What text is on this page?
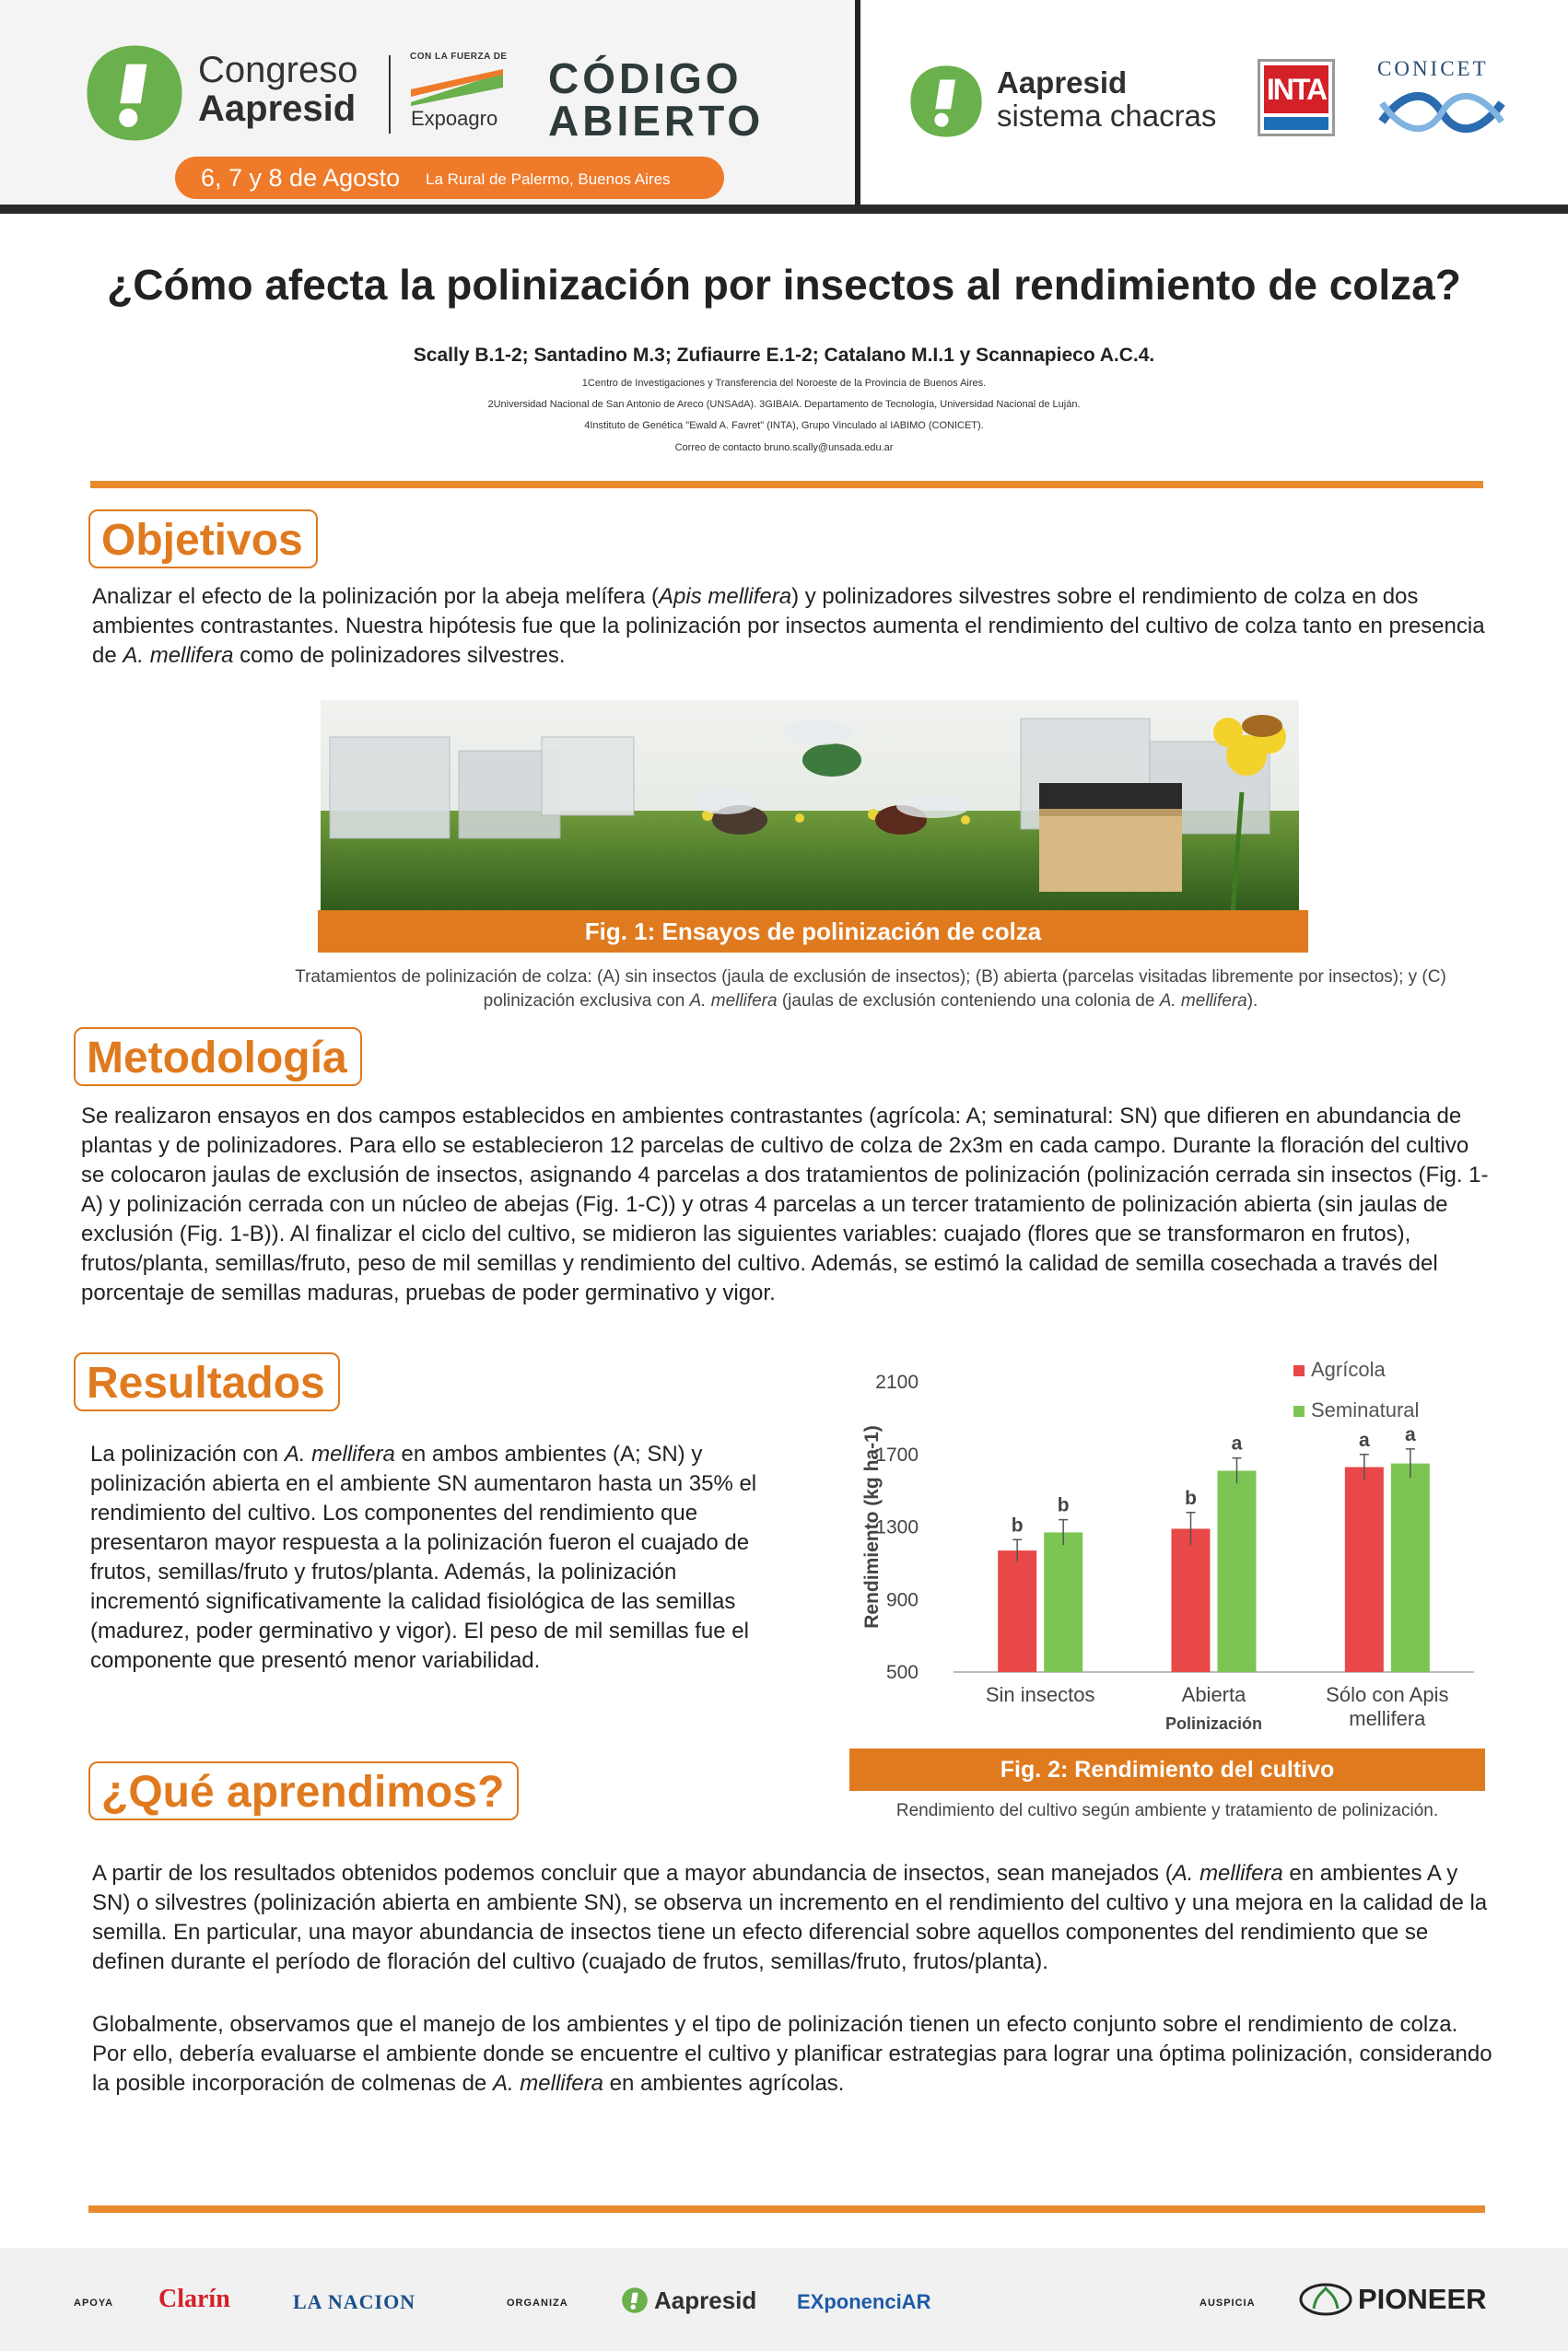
Congreso
Aapresid
CON LA FUERZA DE
Expoagro
CÓDIGO
ABIERTO
6, 7 y 8 de Agosto La Rural de Palermo, Buenos Aires
Aapresid
sistema chacras
INTA
CONICET
¿Cómo afecta la polinización por insectos al rendimiento de colza?
Scally B.1-2; Santadino M.3; Zufiaurre E.1-2; Catalano M.I.1 y Scannapieco A.C.4.
1Centro de Investigaciones y Transferencia del Noroeste de la Provincia de Buenos Aires.
2Universidad Nacional de San Antonio de Areco (UNSAdA). 3GIBAIA. Departamento de Tecnología, Universidad Nacional de Luján.
4Instituto de Genética "Ewald A. Favret" (INTA), Grupo Vinculado al IABIMO (CONICET).
Correo de contacto bruno.scally@unsada.edu.ar
Objetivos

Analizar el efecto de la polinización por la abeja melífera (Apis mellifera) y polinizadores silvestres sobre el rendimiento de colza en dos ambientes contrastantes. Nuestra hipótesis fue que la polinización por insectos aumenta el rendimiento del cultivo de colza tanto en presencia de A. mellifera como de polinizadores silvestres.

Fig. 1: Ensayos de polinización de colza

Tratamientos de polinización de colza: (A) sin insectos (jaula de exclusión de insectos); (B) abierta (parcelas visitadas libremente por insectos); y (C) polinización exclusiva con A. mellifera (jaulas de exclusión conteniendo una colonia de A. mellifera).

Metodología

Se realizaron ensayos en dos campos establecidos en ambientes contrastantes (agrícola: A; seminatural: SN) que difieren en abundancia de plantas y de polinizadores. Para ello se establecieron 12 parcelas de cultivo de colza de 2x3m en cada campo. Durante la floración del cultivo se colocaron jaulas de exclusión de insectos, asignando 4 parcelas a dos tratamientos de polinización (polinización cerrada sin insectos (Fig. 1-A) y polinización cerrada con un núcleo de abejas (Fig. 1-C)) y otras 4 parcelas a un tercer tratamiento de polinización abierta (sin jaulas de exclusión (Fig. 1-B)). Al finalizar el ciclo del cultivo, se midieron las siguientes variables: cuajado (flores que se transformaron en frutos), frutos/planta, semillas/fruto, peso de mil semillas y rendimiento del cultivo. Además, se estimó la calidad de semilla cosechada a través del porcentaje de semillas maduras, pruebas de poder germinativo y vigor.

Resultados

La polinización con A. mellifera en ambos ambientes (A; SN) y polinización abierta en el ambiente SN aumentaron hasta un 35% el rendimiento del cultivo. Los componentes del rendimiento que presentaron mayor respuesta a la polinización fueron el cuajado de frutos, semillas/fruto y frutos/planta. Además, la polinización incrementó significativamente la calidad fisiológica de las semillas (madurez, poder germinativo y vigor). El peso de mil semillas fue el componente que presentó menor variabilidad.

2100
1700
1300
900
500
Rendimiento (kg ha-1)	b
b
a
b
a	a
Sin insectos	Abierta	Sólo con Apis mellifera
Polinización
Agrícola
Seminatural
Fig. 2: Rendimiento del cultivo
Rendimiento del cultivo según ambiente y tratamiento de polinización.
¿Qué aprendimos?

A partir de los resultados obtenidos podemos concluir que a mayor abundancia de insectos, sean manejados (A. mellifera en ambientes A y SN) o silvestres (polinización abierta en ambiente SN), se observa un incremento en el rendimiento del cultivo y una mejora en la calidad de la semilla. En particular, una mayor abundancia de insectos tiene un efecto diferencial sobre aquellos componentes del rendimiento que se definen durante el período de floración del cultivo (cuajado de frutos, semillas/fruto, frutos/planta).

Globalmente, observamos que el manejo de los ambientes y el tipo de polinización tienen un efecto conjunto sobre el rendimiento de colza. Por ello, debería evaluarse el ambiente donde se encuentre el cultivo y planificar estrategias para lograr una óptima polinización, considerando la posible incorporación de colmenas de A. mellifera en ambientes agrícolas.

APOYA Clarín	LA NACION	ORGANIZA	Aapresid EXponenciAR	AUSPICIA	PIONEER
